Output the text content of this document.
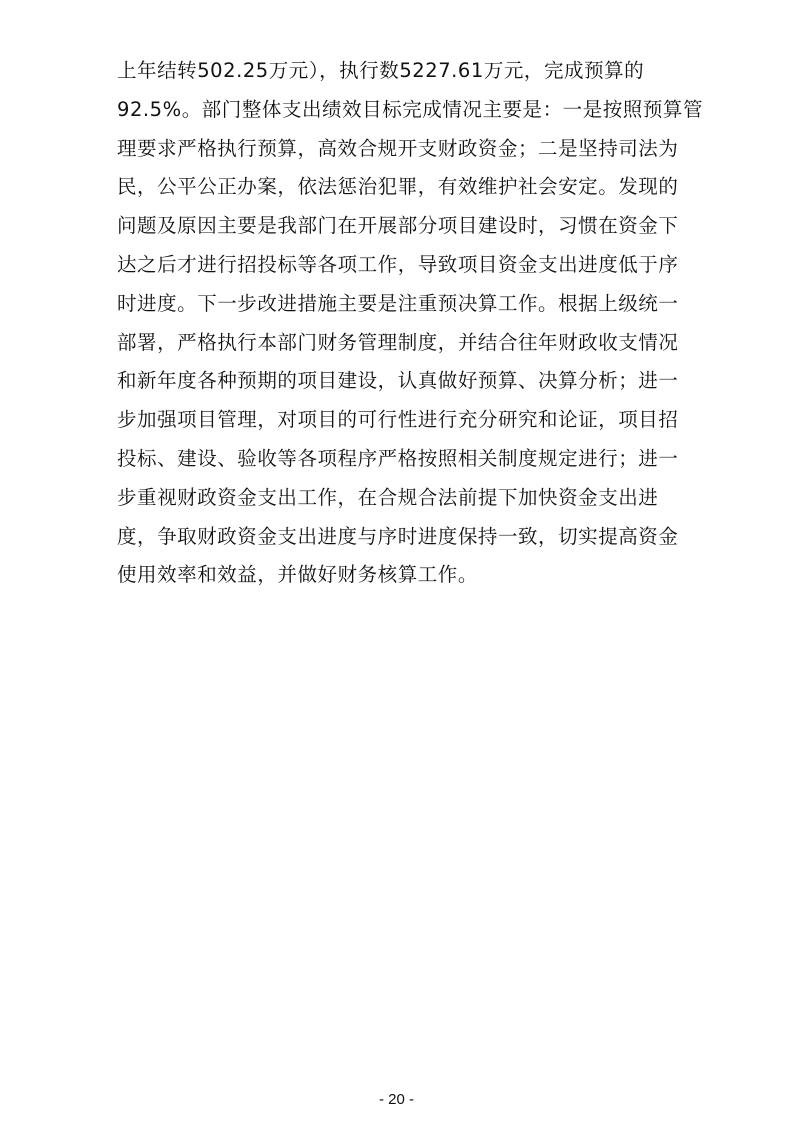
上年结转502.25万元），执行数5227.61万元，完成预算的
92.5%。部门整体支出绩效目标完成情况主要是：一是按照预算管
理要求严格执行预算，高效合规开支财政资金；二是坚持司法为
民，公平公正办案，依法惩治犯罪，有效维护社会安定。发现的
问题及原因主要是我部门在开展部分项目建设时，习惯在资金下
达之后才进行招投标等各项工作，导致项目资金支出进度低于序
时进度。下一步改进措施主要是注重预决算工作。根据上级统一
部署，严格执行本部门财务管理制度，并结合往年财政收支情况
和新年度各种预期的项目建设，认真做好预算、决算分析；进一
步加强项目管理，对项目的可行性进行充分研究和论证，项目招
投标、建设、验收等各项程序严格按照相关制度规定进行；进一
步重视财政资金支出工作，在合规合法前提下加快资金支出进
度，争取财政资金支出进度与序时进度保持一致，切实提高资金
使用效率和效益，并做好财务核算工作。
- 20 -
